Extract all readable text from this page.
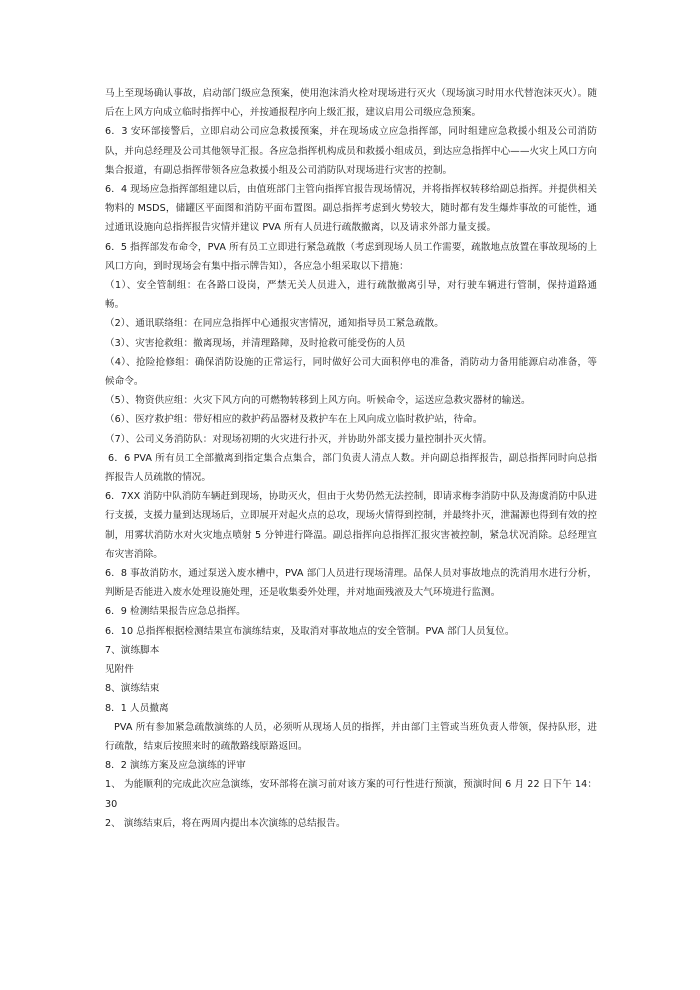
马上至现场确认事故，启动部门级应急预案，使用泡沫消火栓对现场进行灭火（现场演习时用水代替泡沫灭火）。随后在上风方向成立临时指挥中心，并按通报程序向上级汇报，建议启用公司级应急预案。

6．3 安环部接警后，立即启动公司应急救援预案，并在现场成立应急指挥部，同时组建应急救援小组及公司消防队，并向总经理及公司其他领导汇报。各应急指挥机构成员和救援小组成员，到达应急指挥中心——火灾上风口方向集合报道，有副总指挥带领各应急救援小组及公司消防队对现场进行灾害的控制。

6．4 现场应急指挥部组建以后，由值班部门主管向指挥官报告现场情况，并将指挥权转移给副总指挥。并提供相关物料的 MSDS，储罐区平面图和消防平面布置图。副总指挥考虑到火势较大，随时都有发生爆炸事故的可能性，通过通讯设施向总指挥报告灾情并建议 PVA 所有人员进行疏散撤离，以及请求外部力量支援。

6．5 指挥部发布命令，PVA 所有员工立即进行紧急疏散（考虑到现场人员工作需要，疏散地点放置在事故现场的上风口方向，到时现场会有集中指示牌告知），各应急小组采取以下措施：

（1）、安全管制组：在各路口设岗，严禁无关人员进入，进行疏散撤离引导，对行驶车辆进行管制，保持道路通畅。

（2）、通讯联络组：在同应急指挥中心通报灾害情况，通知指导员工紧急疏散。

（3）、灾害抢救组：撤离现场，并清理路障，及时抢救可能受伤的人员

（4）、抢险抢修组：确保消防设施的正常运行，同时做好公司大面积停电的准备，消防动力备用能源启动准备，等候命令。

（5）、物资供应组：火灾下风方向的可燃物转移到上风方向。听候命令，运送应急救灾器材的输送。

（6）、医疗救护组：带好相应的救护药品器材及救护车在上风向成立临时救护站，待命。

（7）、公司义务消防队：对现场初期的火灾进行扑灭，并协助外部支援力量控制扑灭火情。

6．6 PVA 所有员工全部撤离到指定集合点集合，部门负责人清点人数。并向副总指挥报告，副总指挥同时向总指挥报告人员疏散的情况。

6．7XX 消防中队消防车辆赶到现场，协助灭火，但由于火势仍然无法控制，即请求梅李消防中队及海虞消防中队进行支援，支援力量到达现场后，立即展开对起火点的总攻，现场火情得到控制，并最终扑灭，泄漏源也得到有效的控制，用雾状消防水对火灾地点喷射 5 分钟进行降温。副总指挥向总指挥汇报灾害被控制，紧急状况消除。总经理宣布灾害消除。

6．8 事故消防水，通过泵送入废水槽中，PVA 部门人员进行现场清理。品保人员对事故地点的洗消用水进行分析，判断是否能进入废水处理设施处理，还是收集委外处理，并对地面残液及大气环境进行监测。

6．9 检测结果报告应急总指挥。

6．10 总指挥根据检测结果宣布演练结束，及取消对事故地点的安全管制。PVA 部门人员复位。

7、演练脚本

见附件

8、演练结束

8．1 人员撤离

PVA 所有参加紧急疏散演练的人员，必须听从现场人员的指挥，并由部门主管或当班负责人带领，保持队形，进行疏散，结束后按照来时的疏散路线原路返回。

8．2 演练方案及应急演练的评审

1、 为能顺利的完成此次应急演练，安环部将在演习前对该方案的可行性进行预演，预演时间 6 月 22 日下午 14：30

2、 演练结束后，将在两周内提出本次演练的总结报告。
